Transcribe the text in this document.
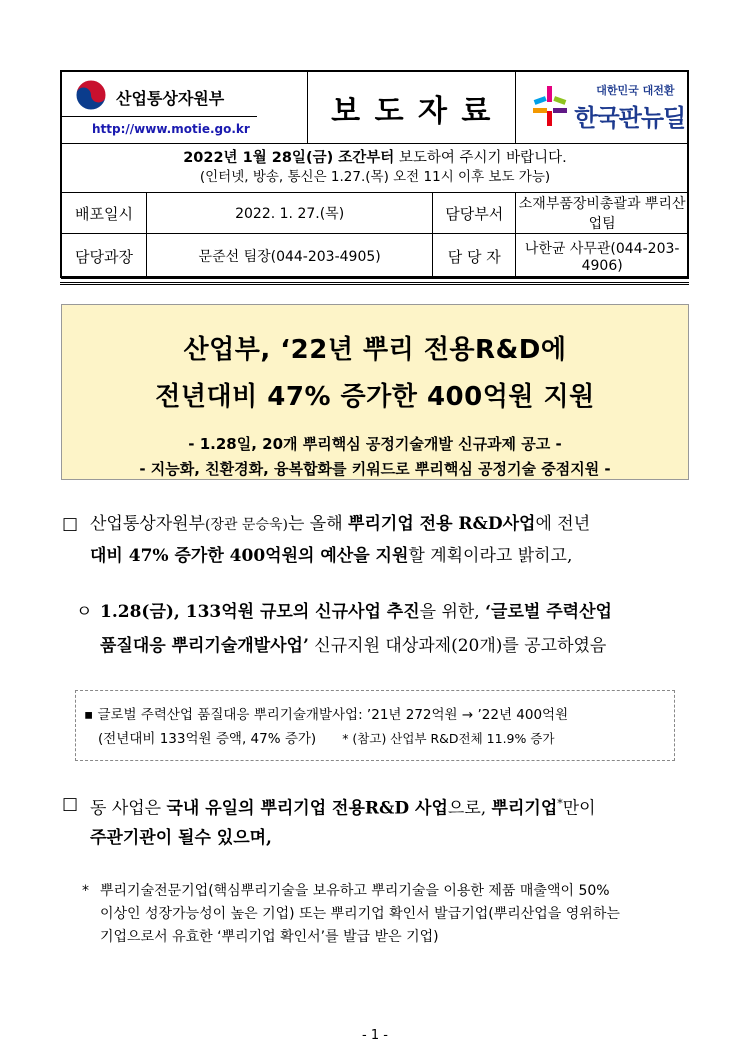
산업통상자원부
http://www.motie.go.kr		보 도 자 료		대한민국 대전환
한국판뉴딜

2022년 1월 28일(금) 조간부터 보도하여 주시기 바랍니다.
(인터넷, 방송, 통신은 1.27.(목) 오전 11시 이후 보도 가능)				

배포일시	2022. 1. 27.(목)		담당부서	소재부품장비총괄과 뿌리산업팀
담당과장	문준선 팀장(044-203-4905)		담 당 자	나한균 사무관(044-203-4906)
산업부, ‘22년 뿌리 전용R&D에
전년대비 47% 증가한 400억원 지원
- 1.28일, 20개 뿌리핵심 공정기술개발 신규과제 공고 -
- 지능화, 친환경화, 융복합화를 키워드로 뿌리핵심 공정기술 중점지원 -
□ 산업통상자원부(장관 문승욱)는 올해 뿌리기업 전용 R&D사업에 전년
대비 47% 증가한 400억원의 예산을 지원할 계획이라고 밝히고,
ㅇ 1.28(금), 133억원 규모의 신규사업 추진을 위한, ‘글로벌 주력산업
품질대응 뿌리기술개발사업’ 신규지원 대상과제(20개)를 공고하였음
▪ 글로벌 주력산업 품질대응 뿌리기술개발사업: ’21년 272억원 → ’22년 400억원
(전년대비 133억원 증액, 47% 증가) * (참고) 산업부 R&D전체 11.9% 증가
□ 동 사업은 국내 유일의 뿌리기업 전용R&D 사업으로, 뿌리기업*만이
주관기관이 될수 있으며,
* 뿌리기술전문기업(핵심뿌리기술을 보유하고 뿌리기술을 이용한 제품 매출액이 50%
이상인 성장가능성이 높은 기업) 또는 뿌리기업 확인서 발급기업(뿌리산업을 영위하는
기업으로서 유효한 ‘뿌리기업 확인서’를 발급 받은 기업)
- 1 -
